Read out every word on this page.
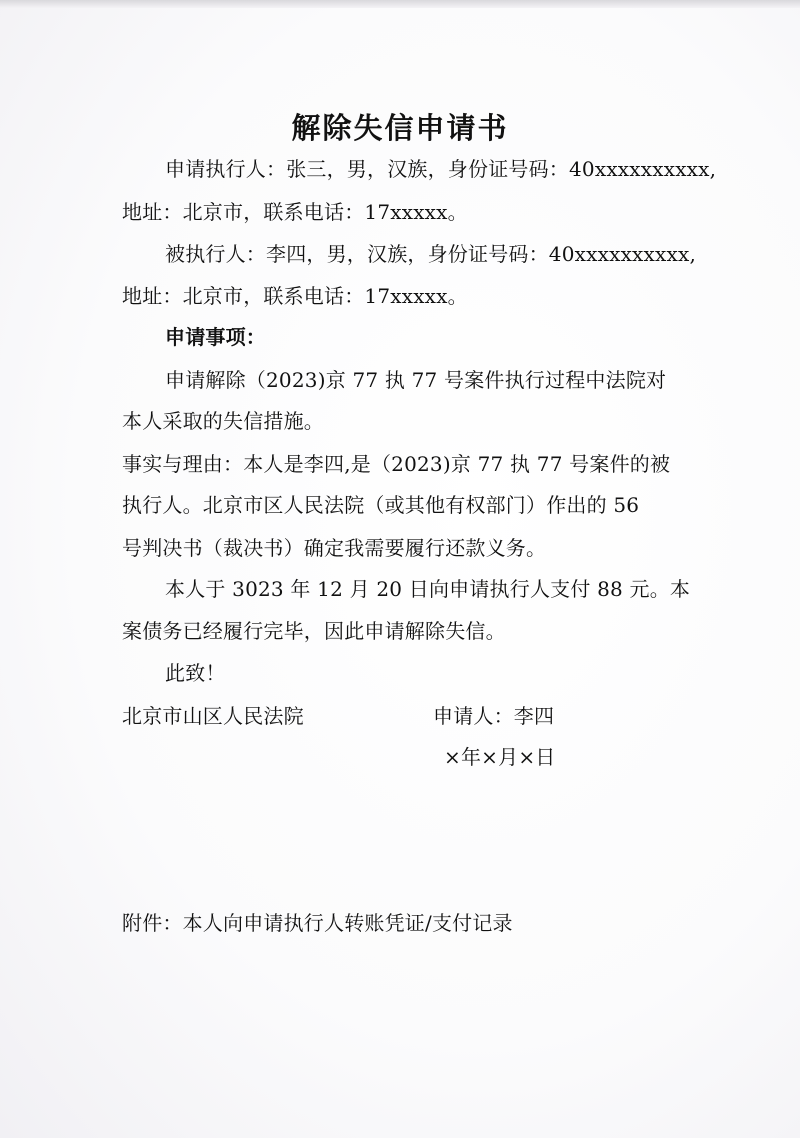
解除失信申请书
申请执行人：张三，男，汉族，身份证号码：40xxxxxxxxxx,
地址：北京市，联系电话：17xxxxx。
被执行人：李四，男，汉族，身份证号码：40xxxxxxxxxx,
地址：北京市，联系电话：17xxxxx。
申请事项：
申请解除（2023)京 77 执 77 号案件执行过程中法院对
本人采取的失信措施。
事实与理由：本人是李四,是（2023)京 77 执 77 号案件的被
执行人。北京市区人民法院（或其他有权部门）作出的 56
号判决书（裁决书）确定我需要履行还款义务。
本人于 3023 年 12 月 20 日向申请执行人支付 88 元。本
案债务已经履行完毕，因此申请解除失信。
此致！
北京市山区人民法院	申请人：李四
×年×月×日
附件：本人向申请执行人转账凭证/支付记录
